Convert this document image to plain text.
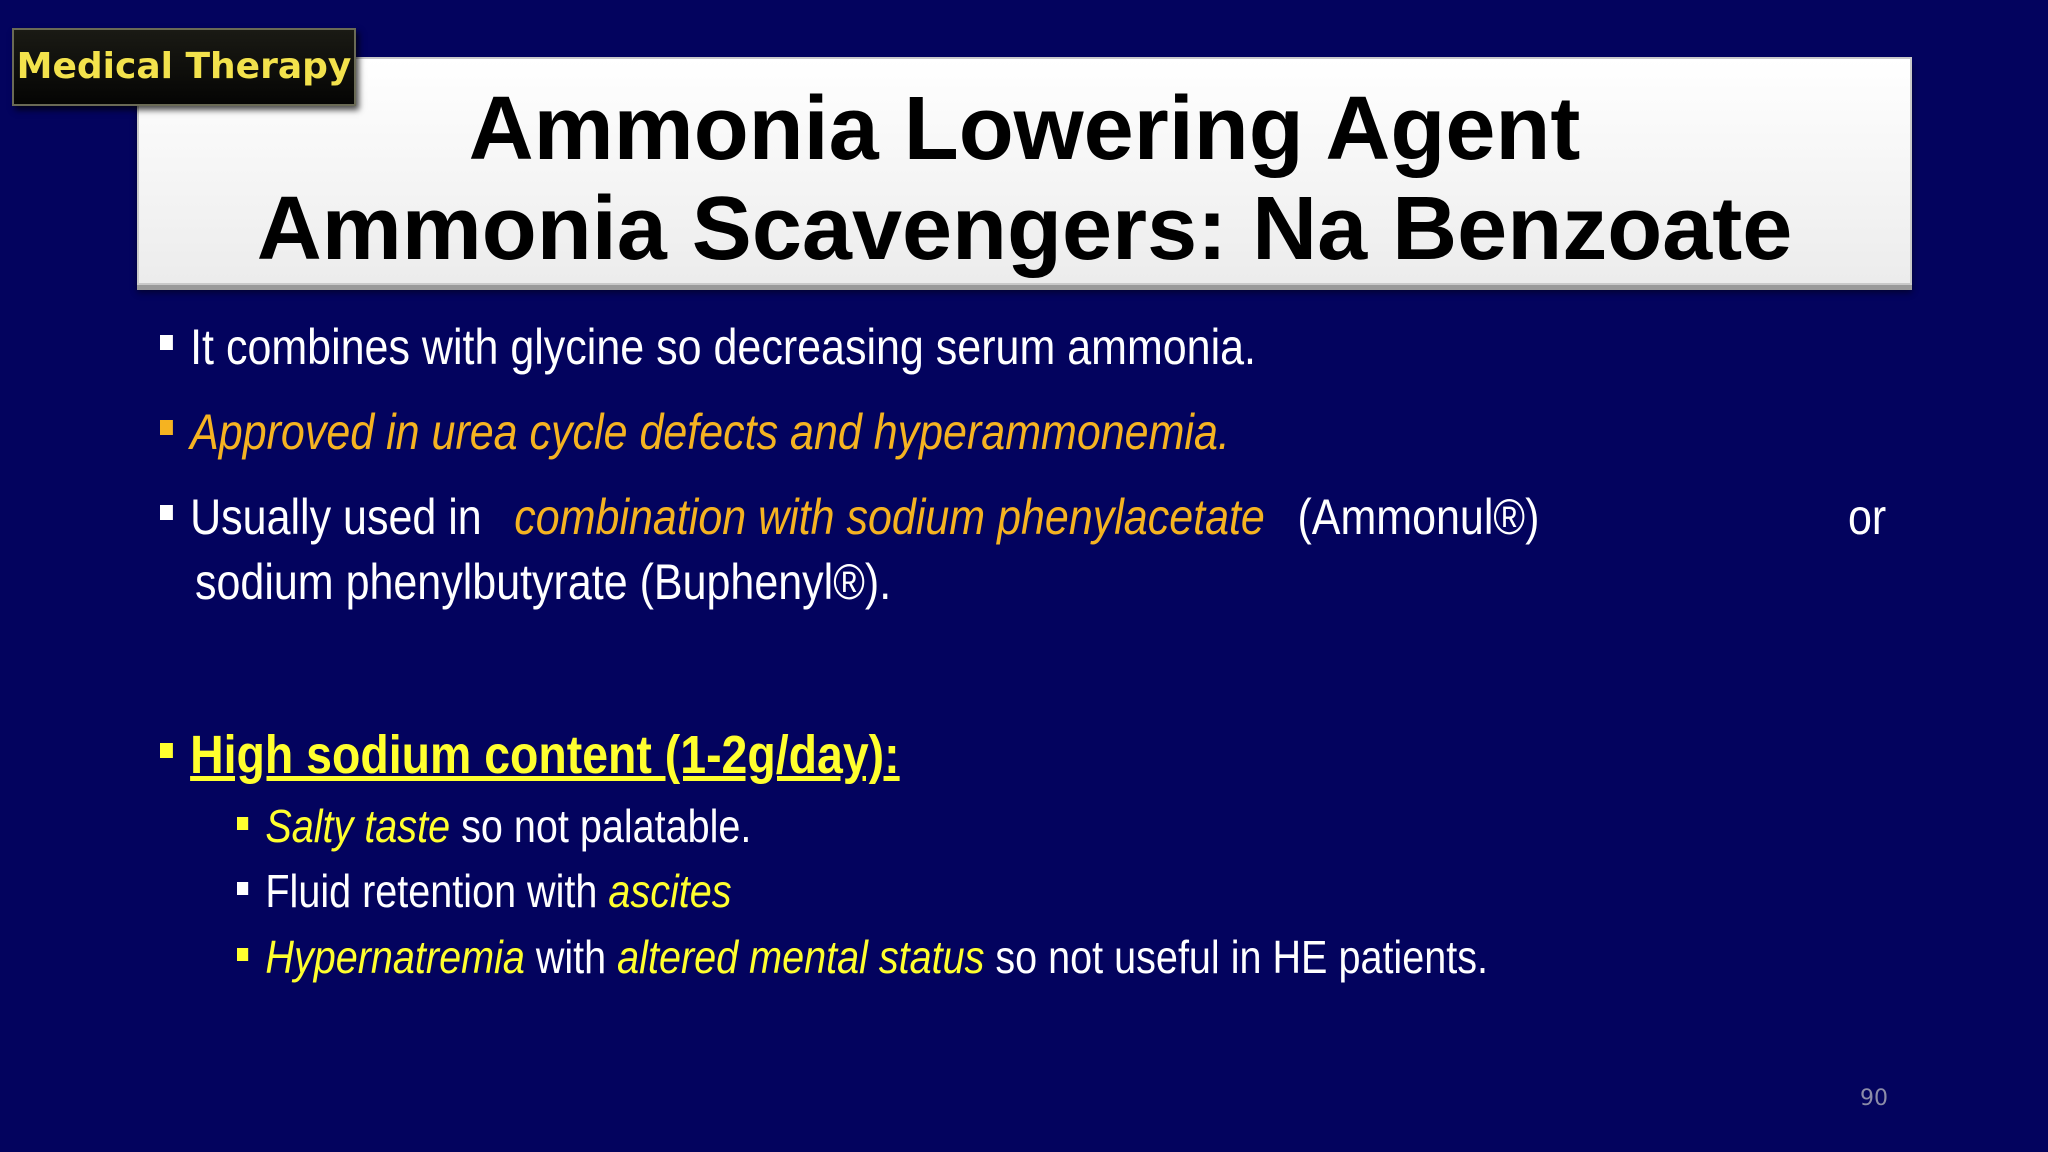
Medical Therapy
Ammonia Lowering Agent
Ammonia Scavengers: Na Benzoate
It combines with glycine so decreasing serum ammonia.
Approved in urea cycle defects and hyperammonemia.
Usually used in combination with sodium phenylacetate (Ammonul®)	or
sodium phenylbutyrate (Buphenyl®).
High sodium content (1-2g/day):
Salty taste so not palatable.
Fluid retention with ascites
Hypernatremia with altered mental status so not useful in HE patients.
90
